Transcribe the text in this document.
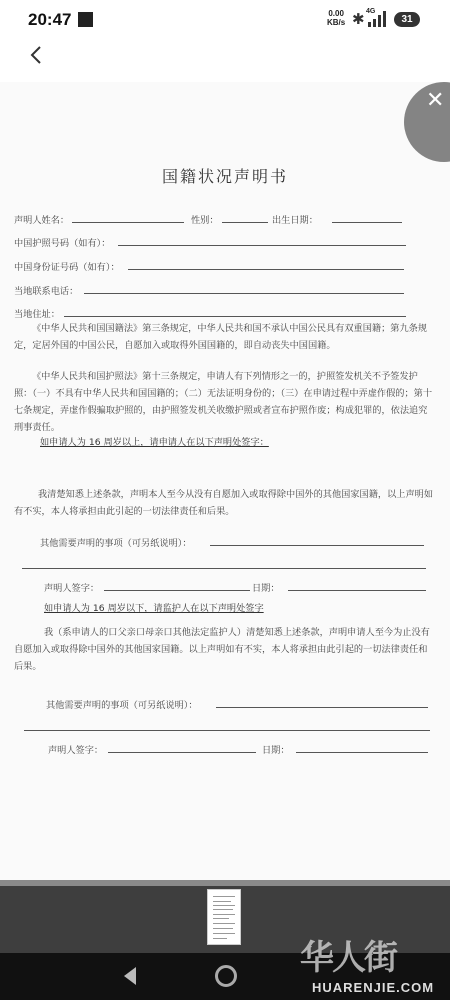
20:47	0.00
KB/s ✱ 4G
31
国籍状况声明书
声明人姓名：	性别：	出生日期：
中国护照号码（如有）：
中国身份证号码（如有）：
当地联系电话：
当地住址：
《中华人民共和国国籍法》第三条规定，中华人民共和国不承认中国公民具有双重国籍；第九条规定，定居外国的中国公民，自愿加入或取得外国国籍的，即自动丧失中国国籍。
《中华人民共和国护照法》第十三条规定，申请人有下列情形之一的，护照签发机关不予签发护照：（一）不具有中华人民共和国国籍的；（二）无法证明身份的；（三）在申请过程中弄虚作假的；第十七条规定，弄虚作假骗取护照的，由护照签发机关收缴护照或者宣布护照作废；构成犯罪的，依法追究刑事责任。
如申请人为 16 周岁以上，请申请人在以下声明处签字：
我清楚知悉上述条款，声明本人至今从没有自愿加入或取得除中国外的其他国家国籍，以上声明如有不实，本人将承担由此引起的一切法律责任和后果。
其他需要声明的事项（可另纸说明）：
声明人签字：	日期：
如申请人为 16 周岁以下，请监护人在以下声明处签字
我（系申请人的口父亲口母亲口其他法定监护人）清楚知悉上述条款，声明申请人至今为止没有自愿加入或取得除中国外的其他国家国籍。以上声明如有不实，本人将承担由此引起的一切法律责任和后果。
其他需要声明的事项（可另纸说明）：
声明人签字：	日期：
✕
华人街
HUARENJIE.COM
